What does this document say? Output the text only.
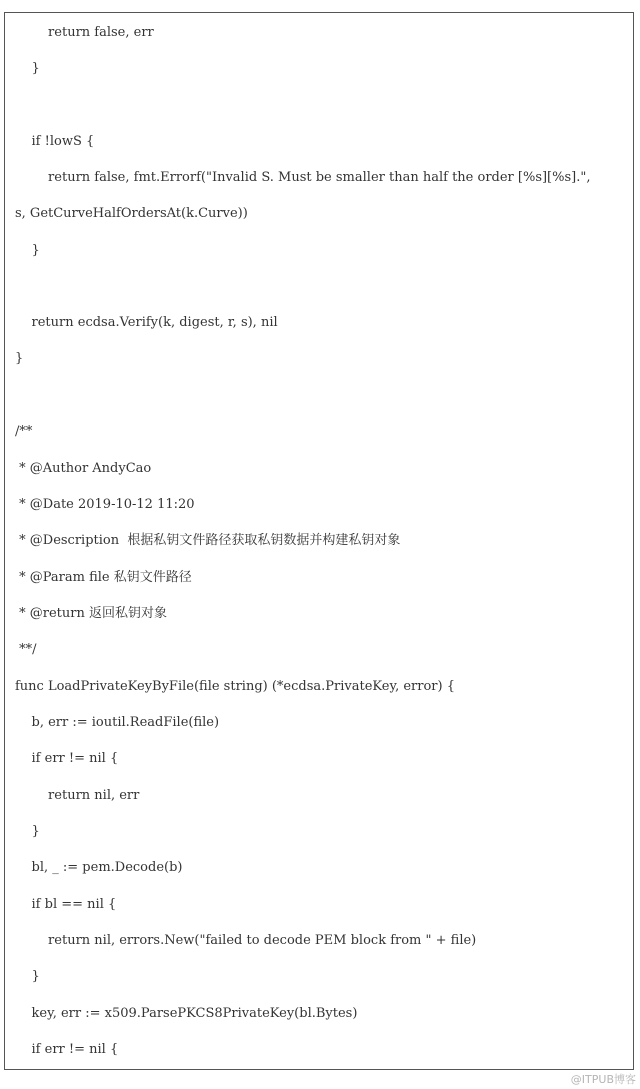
return false, err
}
if !lowS {
return false, fmt.Errorf("Invalid S. Must be smaller than half the order [%s][%s].",
s, GetCurveHalfOrdersAt(k.Curve))
}
return ecdsa.Verify(k, digest, r, s), nil
}
/**
* @Author AndyCao
* @Date 2019-10-12 11:20
* @Description  根据私钥文件路径获取私钥数据并构建私钥对象
* @Param file 私钥文件路径
* @return 返回私钥对象
**/
func LoadPrivateKeyByFile(file string) (*ecdsa.PrivateKey, error) {
b, err := ioutil.ReadFile(file)
if err != nil {
return nil, err
}
bl, _ := pem.Decode(b)
if bl == nil {
return nil, errors.New("failed to decode PEM block from " + file)
}
key, err := x509.ParsePKCS8PrivateKey(bl.Bytes)
if err != nil {
@ITPUB博客
